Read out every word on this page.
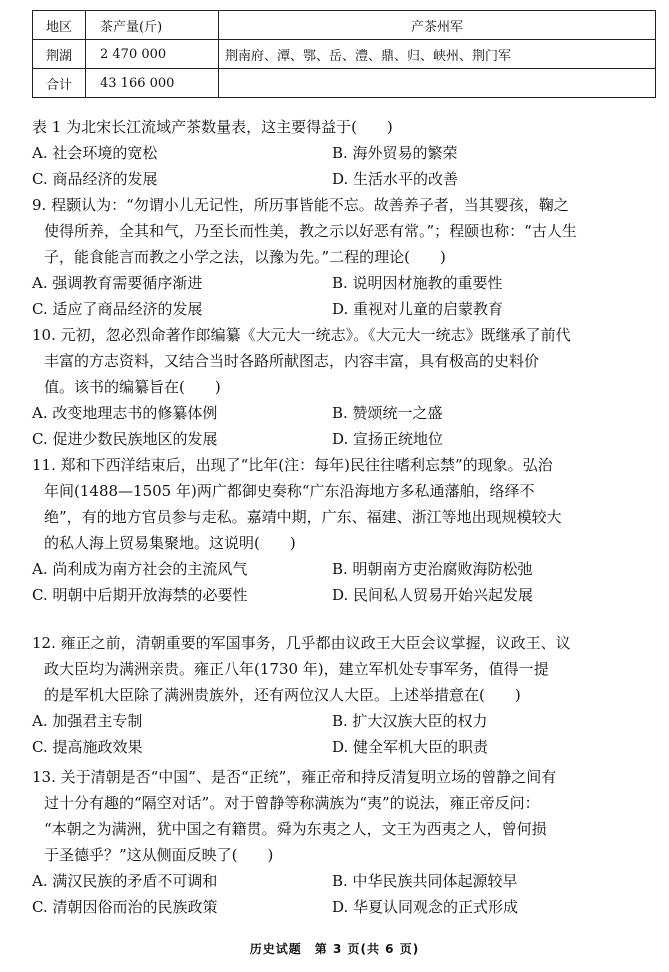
地区	茶产量(斤)	产茶州军
荆湖	2 470 000	荆南府、潭、鄂、岳、澧、鼎、归、峡州、荆门军
合计	43 166 000	
表 1 为北宋长江流域产茶数量表，这主要得益于(　　)
A. 社会环境的宽松	B. 海外贸易的繁荣
C. 商品经济的发展	D. 生活水平的改善
9. 程颢认为：“勿谓小儿无记性，所历事皆能不忘。故善养子者，当其婴孩，鞠之
使得所养，全其和气，乃至长而性美，教之示以好恶有常。”；程颐也称：“古人生
子，能食能言而教之小学之法，以豫为先。”二程的理论(　　)
A. 强调教育需要循序渐进	B. 说明因材施教的重要性
C. 适应了商品经济的发展	D. 重视对儿童的启蒙教育
10. 元初，忽必烈命著作郎编纂《大元大一统志》。《大元大一统志》既继承了前代
丰富的方志资料，又结合当时各路所献图志，内容丰富，具有极高的史料价
值。该书的编纂旨在(　　)
A. 改变地理志书的修纂体例	B. 赞颂统一之盛
C. 促进少数民族地区的发展	D. 宣扬正统地位
11. 郑和下西洋结束后，出现了“比年(注：每年)民往往嗜利忘禁”的现象。弘治
年间(1488—1505 年)两广都御史奏称“广东沿海地方多私通藩舶，络绎不
绝”，有的地方官员参与走私。嘉靖中期，广东、福建、浙江等地出现规模较大
的私人海上贸易集聚地。这说明(　　)
A. 尚利成为南方社会的主流风气	B. 明朝南方吏治腐败海防松弛
C. 明朝中后期开放海禁的必要性	D. 民间私人贸易开始兴起发展
12. 雍正之前，清朝重要的军国事务，几乎都由议政王大臣会议掌握，议政王、议
政大臣均为满洲亲贵。雍正八年(1730 年)，建立军机处专事军务，值得一提
的是军机大臣除了满洲贵族外，还有两位汉人大臣。上述举措意在(　　)
A. 加强君主专制	B. 扩大汉族大臣的权力
C. 提高施政效果	D. 健全军机大臣的职责
13. 关于清朝是否“中国”、是否“正统”，雍正帝和持反清复明立场的曾静之间有
过十分有趣的“隔空对话”。对于曾静等称满族为“夷”的说法，雍正帝反问：
“本朝之为满洲，犹中国之有籍贯。舜为东夷之人，文王为西夷之人，曾何损
于圣德乎？”这从侧面反映了(　　)
A. 满汉民族的矛盾不可调和	B. 中华民族共同体起源较早
C. 清朝因俗而治的民族政策	D. 华夏认同观念的正式形成
历史试题　第 3 页(共 6 页)
